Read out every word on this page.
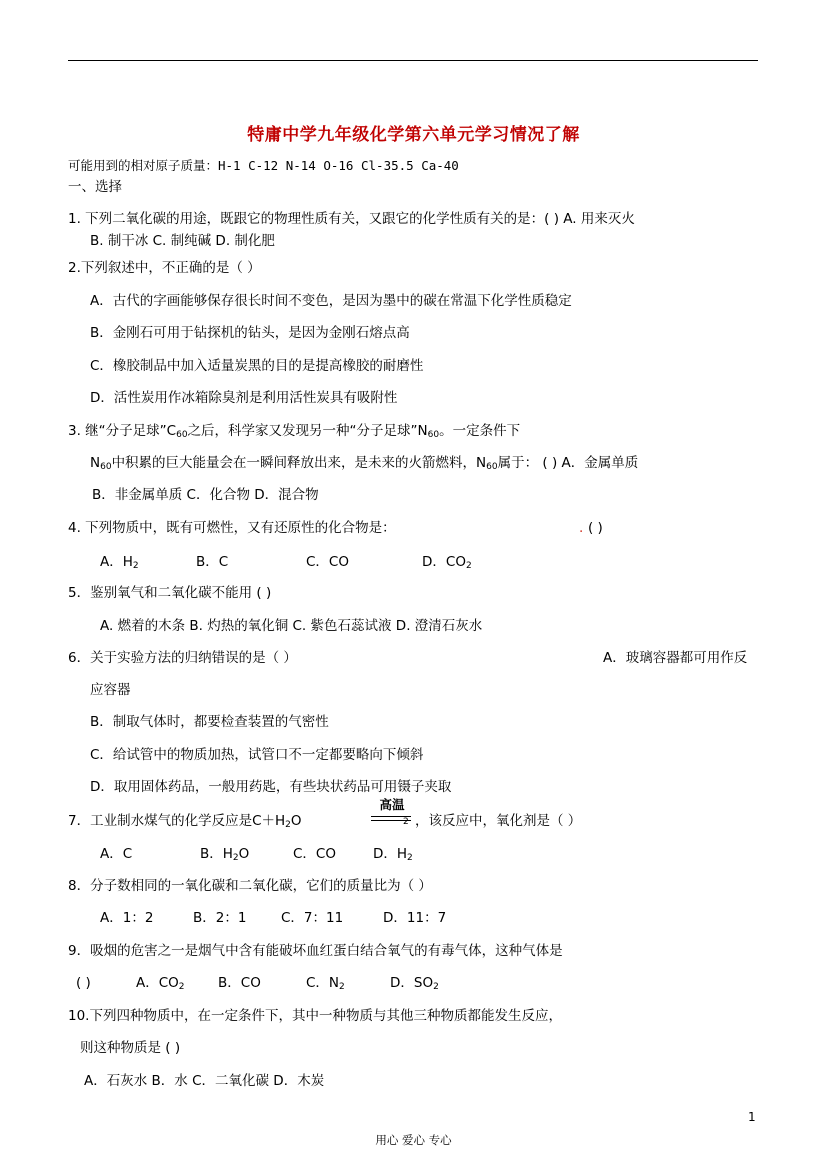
特庸中学九年级化学第六单元学习情况了解
可能用到的相对原子质量：H-1 C-12 N-14 O-16 Cl-35.5 Ca-40
一、选择
1. 下列二氧化碳的用途，既跟它的物理性质有关，又跟它的化学性质有关的是：( ) A. 用来灭火
B. 制干冰 C. 制纯碱 D. 制化肥
2.下列叙述中，不正确的是（ ）
A．古代的字画能够保存很长时间不变色，是因为墨中的碳在常温下化学性质稳定
B．金刚石可用于钻探机的钻头，是因为金刚石熔点高
C．橡胶制品中加入适量炭黑的目的是提高橡胶的耐磨性
D．活性炭用作冰箱除臭剂是利用活性炭具有吸附性
3. 继“分子足球$”C_{60}$之后，科学家又发现另一种“分子足球$”N_{60}$。一定条件下
$N_{60}$中积累的巨大能量会在一瞬间释放出来，是未来的火箭燃料，$N_{60}$属于： ( ) A．金属单质
B．非金属单质 C．化合物 D．混合物
4. 下列物质中，既有可燃性，又有还原性的化合物是：	. ( )
A．$H_2$	B．C	C．CO	D．$CO_2$
5．鉴别氧气和二氧化碳不能用 ( )
A. 燃着的木条 B. 灼热的氧化铜 C. 紫色石蕊试液 D. 澄清石灰水
6．关于实验方法的归纳错误的是（ ）	A．玻璃容器都可用作反
应容器
B．制取气体时，都要检查装置的气密性
C．给试管中的物质加热，试管口不一定都要略向下倾斜
D．取用固体药品，一般用药匙，有些块状药品可用镊子夹取
7．工业制水煤气的化学反应是$C+H_2O$
高温
2 ，该反应中，氧化剂是（ ）
A．C	B．$H_2O$	C．CO	D．$H_2$
8．分子数相同的一氧化碳和二氧化碳，它们的质量比为（ ）
A．1：2	B．2：1	C．7：11	D．11：7
9．吸烟的危害之一是烟气中含有能破坏血红蛋白结合氧气的有毒气体，这种气体是
( )	A．$CO_2$ B．CO	C．$N_2$	D．$SO_2$
10.下列四种物质中，在一定条件下，其中一种物质与其他三种物质都能发生反应，
则这种物质是 ( )
A．石灰水 B．水 C．二氧化碳 D．木炭
1
用心 爱心 专心
